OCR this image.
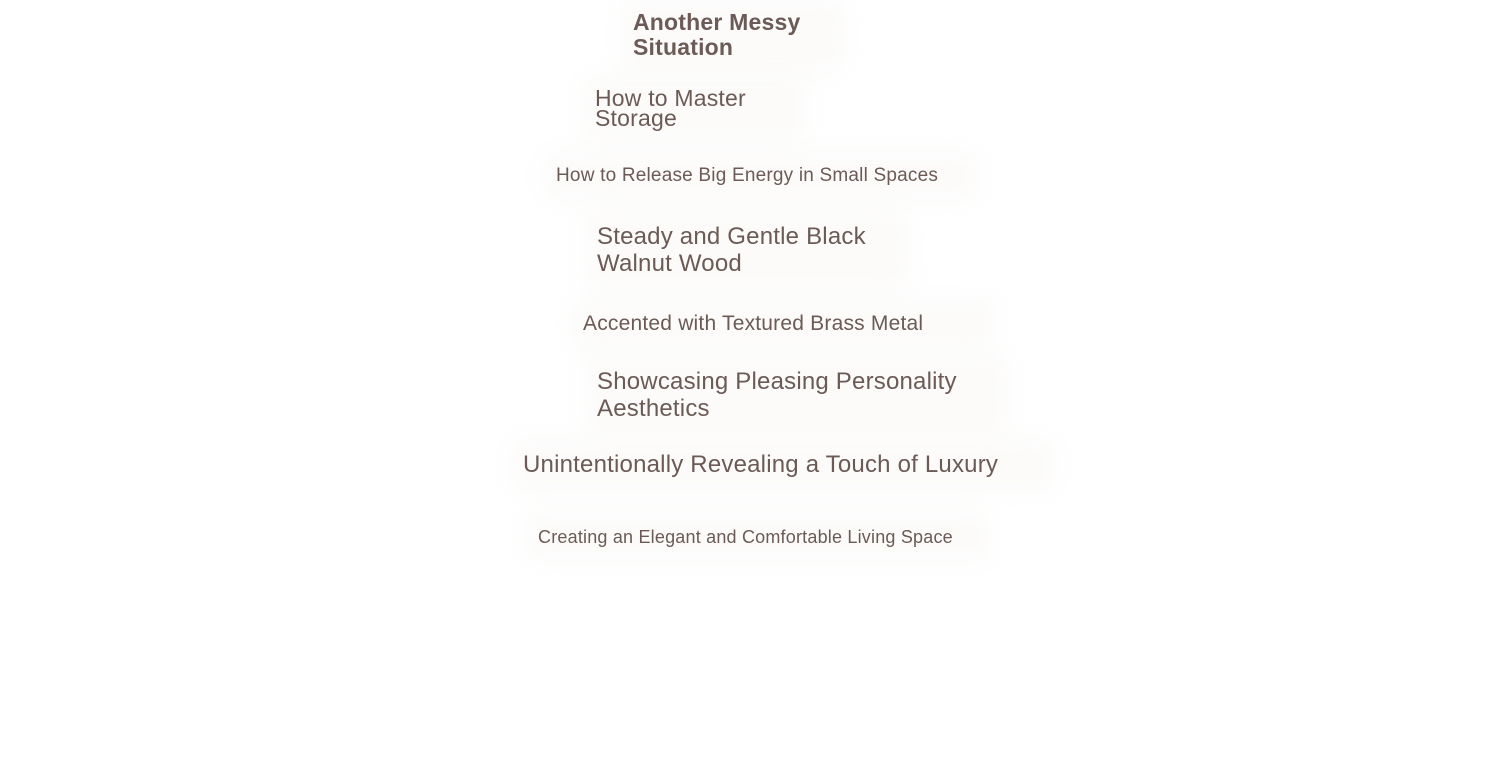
Another Messy Situation
How to Master Storage
How to Release Big Energy in Small Spaces
Steady and Gentle Black Walnut Wood
Accented with Textured Brass Metal
Showcasing Pleasing Personality Aesthetics
Unintentionally Revealing a Touch of Luxury
Creating an Elegant and Comfortable Living Space
